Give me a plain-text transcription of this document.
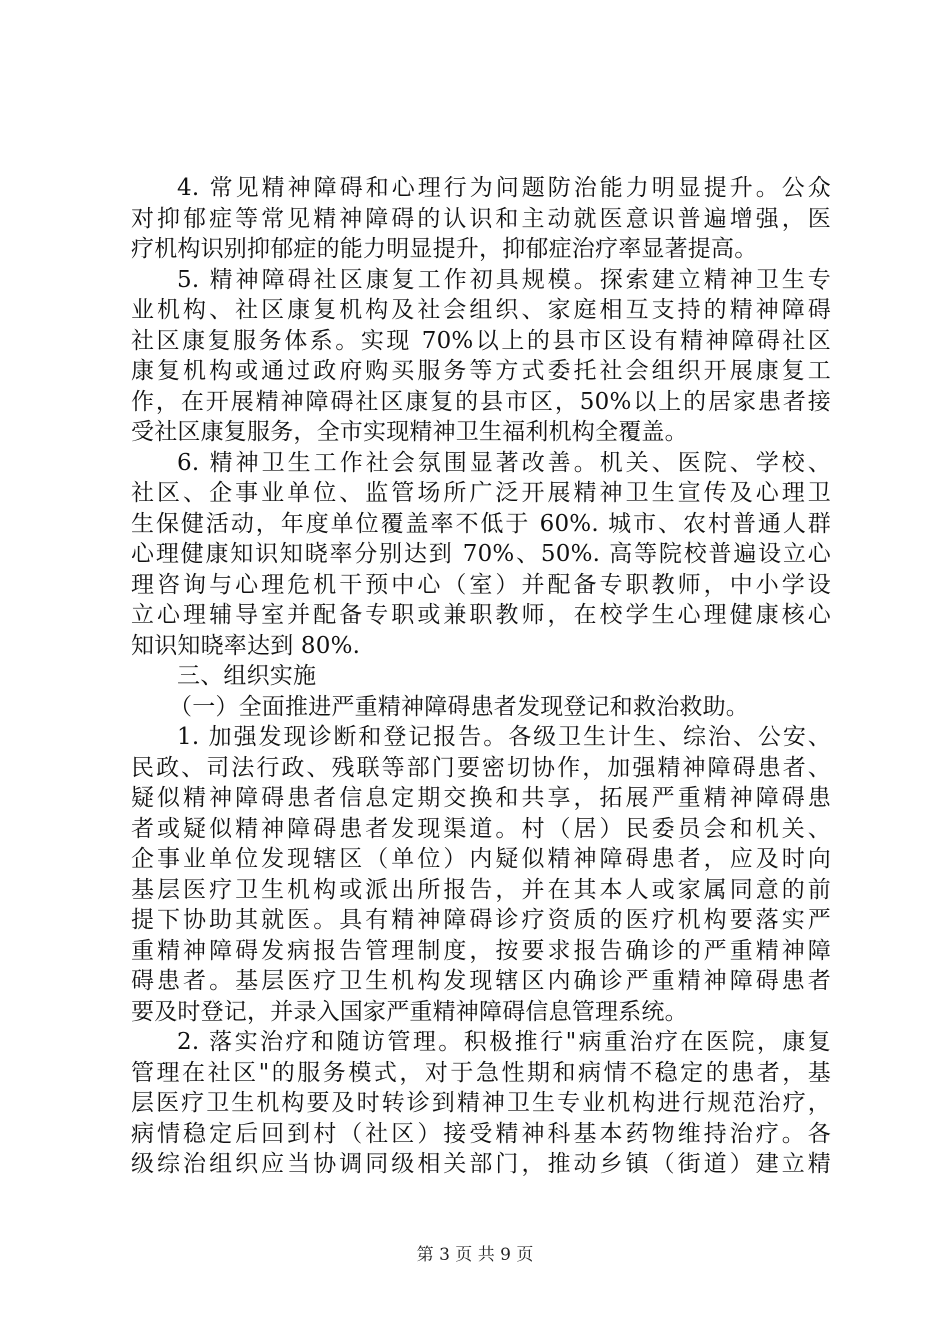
4. 常见精神障碍和心理行为问题防治能力明显提升。公众
对抑郁症等常见精神障碍的认识和主动就医意识普遍增强，医
疗机构识别抑郁症的能力明显提升，抑郁症治疗率显著提高。
5. 精神障碍社区康复工作初具规模。探索建立精神卫生专
业机构、社区康复机构及社会组织、家庭相互支持的精神障碍
社区康复服务体系。实现 70%以上的县市区设有精神障碍社区
康复机构或通过政府购买服务等方式委托社会组织开展康复工
作，在开展精神障碍社区康复的县市区，50%以上的居家患者接
受社区康复服务，全市实现精神卫生福利机构全覆盖。
6. 精神卫生工作社会氛围显著改善。机关、医院、学校、
社区、企事业单位、监管场所广泛开展精神卫生宣传及心理卫
生保健活动，年度单位覆盖率不低于 60%. 城市、农村普通人群
心理健康知识知晓率分别达到 70%、50%. 高等院校普遍设立心
理咨询与心理危机干预中心（室）并配备专职教师，中小学设
立心理辅导室并配备专职或兼职教师，在校学生心理健康核心
知识知晓率达到 80%.
三、组织实施
（一）全面推进严重精神障碍患者发现登记和救治救助。
1. 加强发现诊断和登记报告。各级卫生计生、综治、公安、
民政、司法行政、残联等部门要密切协作，加强精神障碍患者、
疑似精神障碍患者信息定期交换和共享，拓展严重精神障碍患
者或疑似精神障碍患者发现渠道。村（居）民委员会和机关、
企事业单位发现辖区（单位）内疑似精神障碍患者，应及时向
基层医疗卫生机构或派出所报告，并在其本人或家属同意的前
提下协助其就医。具有精神障碍诊疗资质的医疗机构要落实严
重精神障碍发病报告管理制度，按要求报告确诊的严重精神障
碍患者。基层医疗卫生机构发现辖区内确诊严重精神障碍患者
要及时登记，并录入国家严重精神障碍信息管理系统。
2. 落实治疗和随访管理。积极推行"病重治疗在医院，康复
管理在社区"的服务模式，对于急性期和病情不稳定的患者，基
层医疗卫生机构要及时转诊到精神卫生专业机构进行规范治疗，
病情稳定后回到村（社区）接受精神科基本药物维持治疗。各
级综治组织应当协调同级相关部门，推动乡镇（街道）建立精
第 3 页 共 9 页
